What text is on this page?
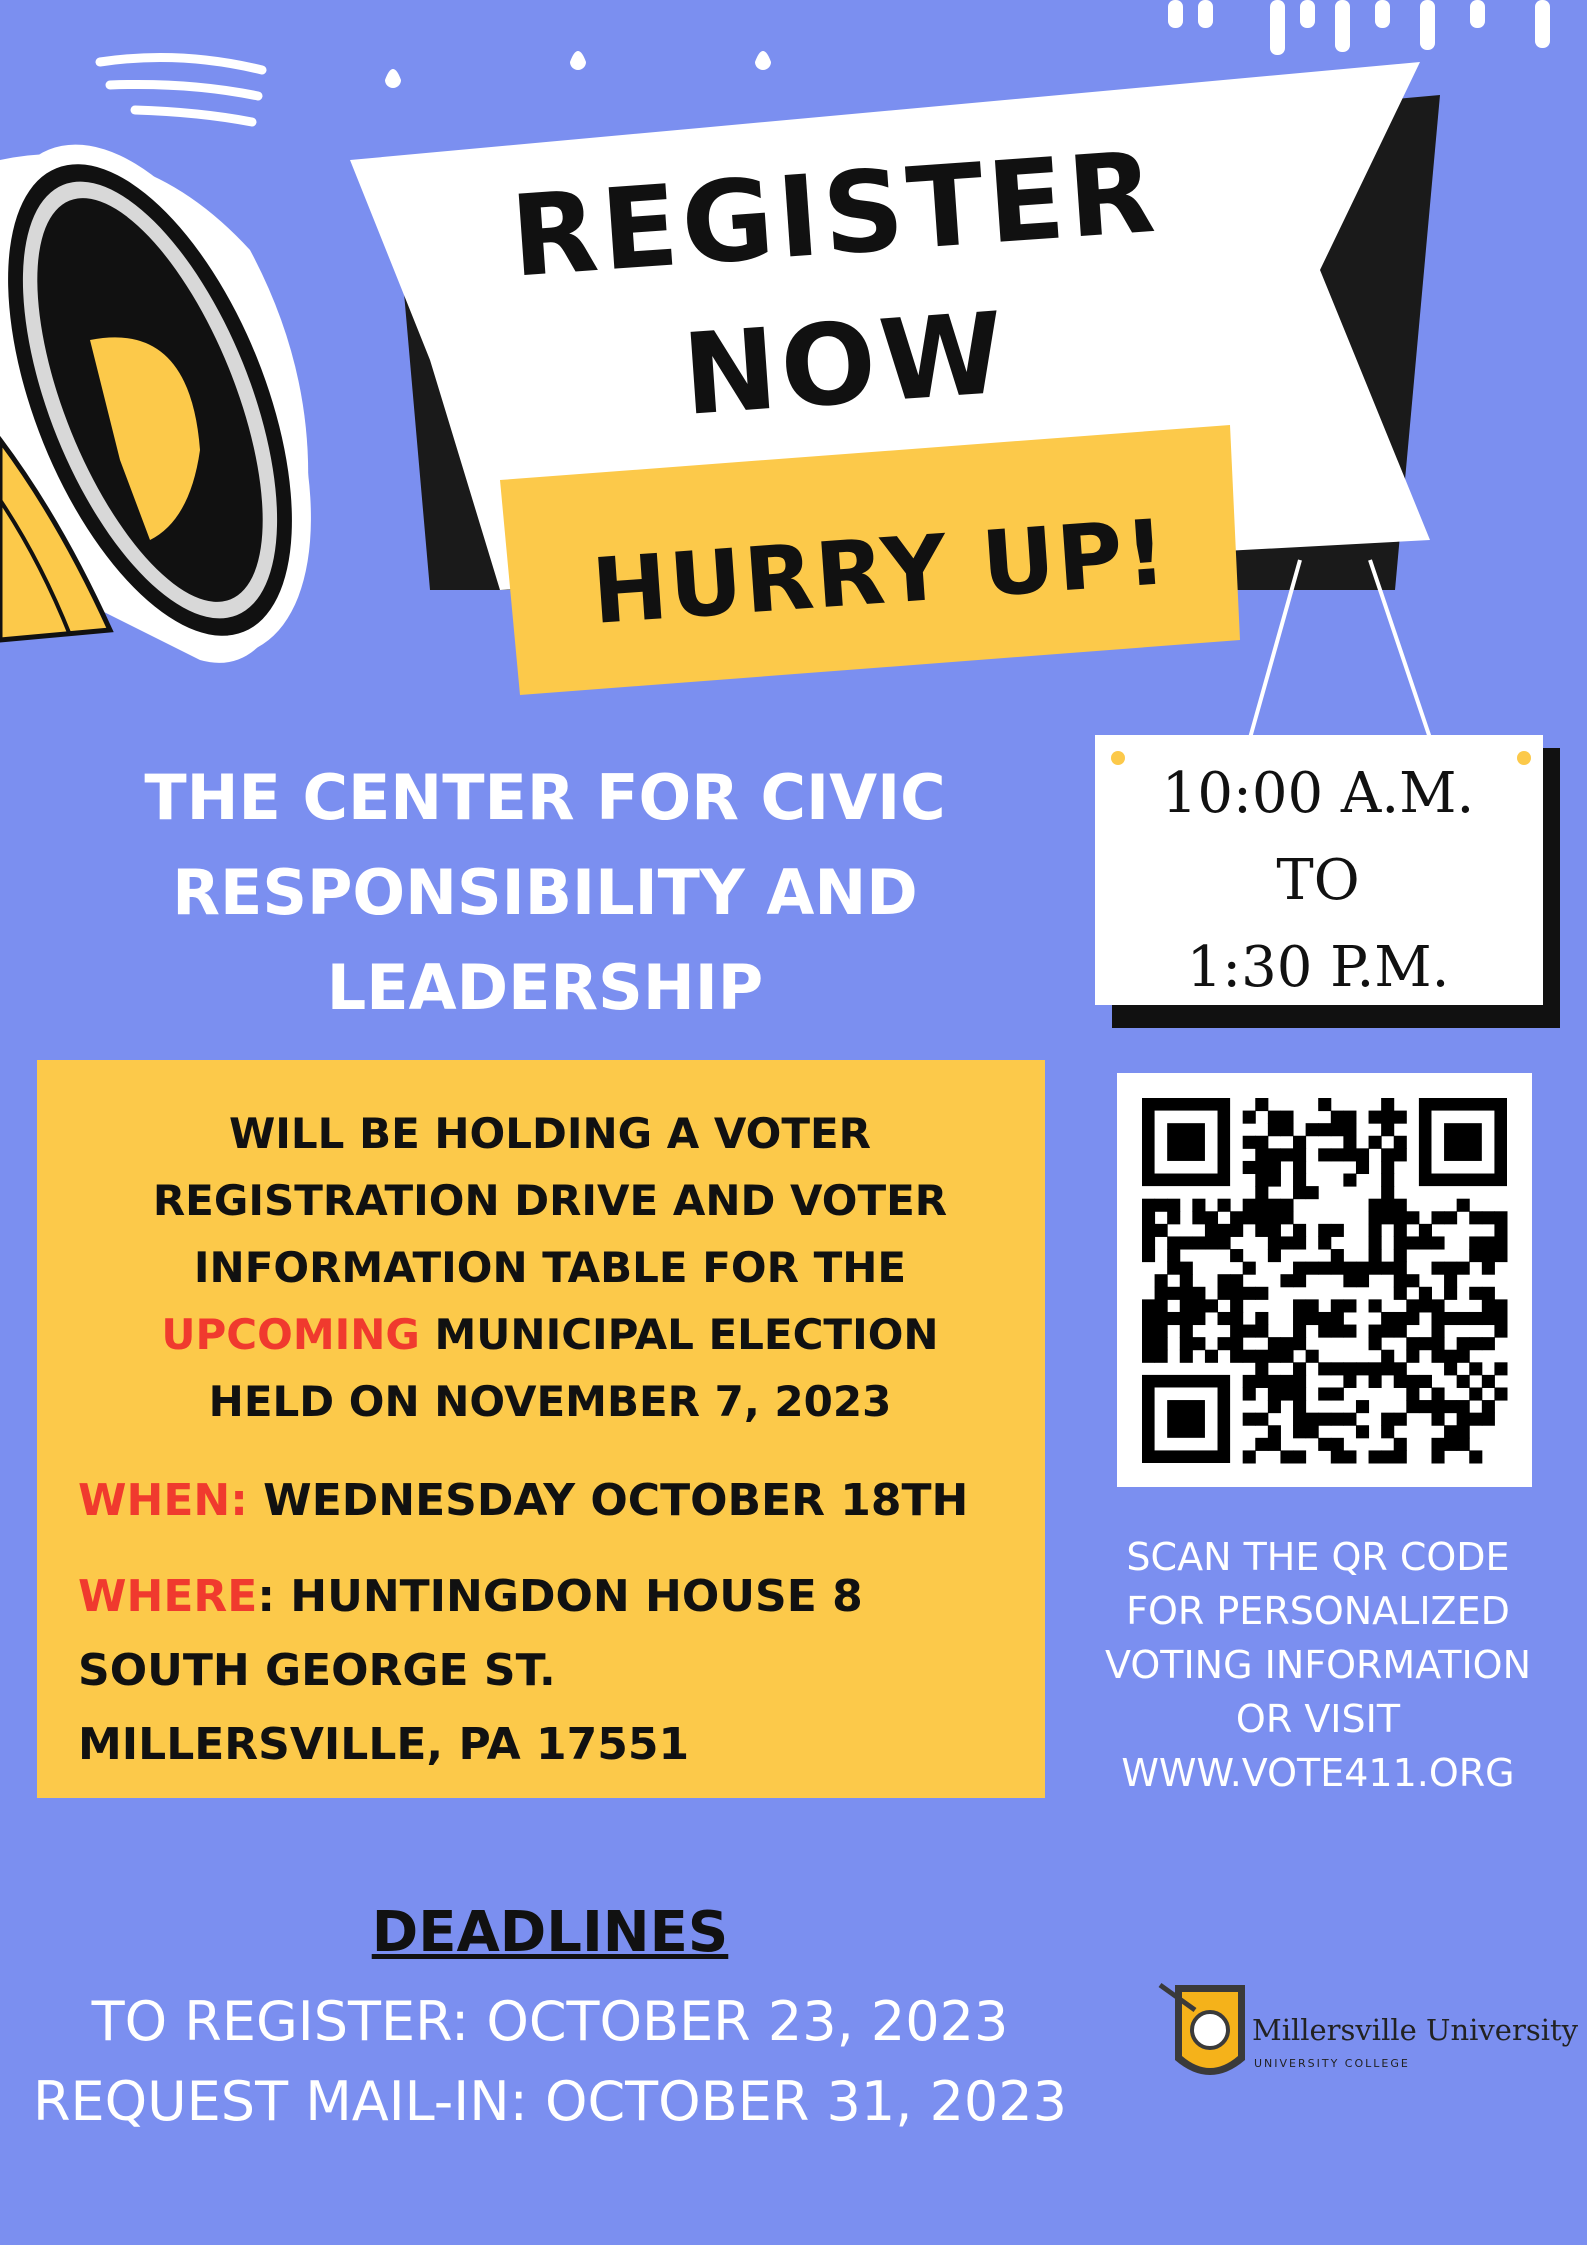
REGISTER
NOW
HURRY UP!
THE CENTER FOR CIVIC
RESPONSIBILITY AND
LEADERSHIP
10:00 A.M.
TO
1:30 P.M.
WILL BE HOLDING A VOTER
REGISTRATION DRIVE AND VOTER
INFORMATION TABLE FOR THE
UPCOMING MUNICIPAL ELECTION
HELD ON NOVEMBER 7, 2023
WHEN: WEDNESDAY OCTOBER 18TH
WHERE: HUNTINGDON HOUSE 8
SOUTH GEORGE ST.
MILLERSVILLE, PA 17551
SCAN THE QR CODE
FOR PERSONALIZED
VOTING INFORMATION
OR VISIT
WWW.VOTE411.ORG
DEADLINES
TO REGISTER: OCTOBER 23, 2023
REQUEST MAIL-IN: OCTOBER 31, 2023
Millersville University
UNIVERSITY COLLEGE
